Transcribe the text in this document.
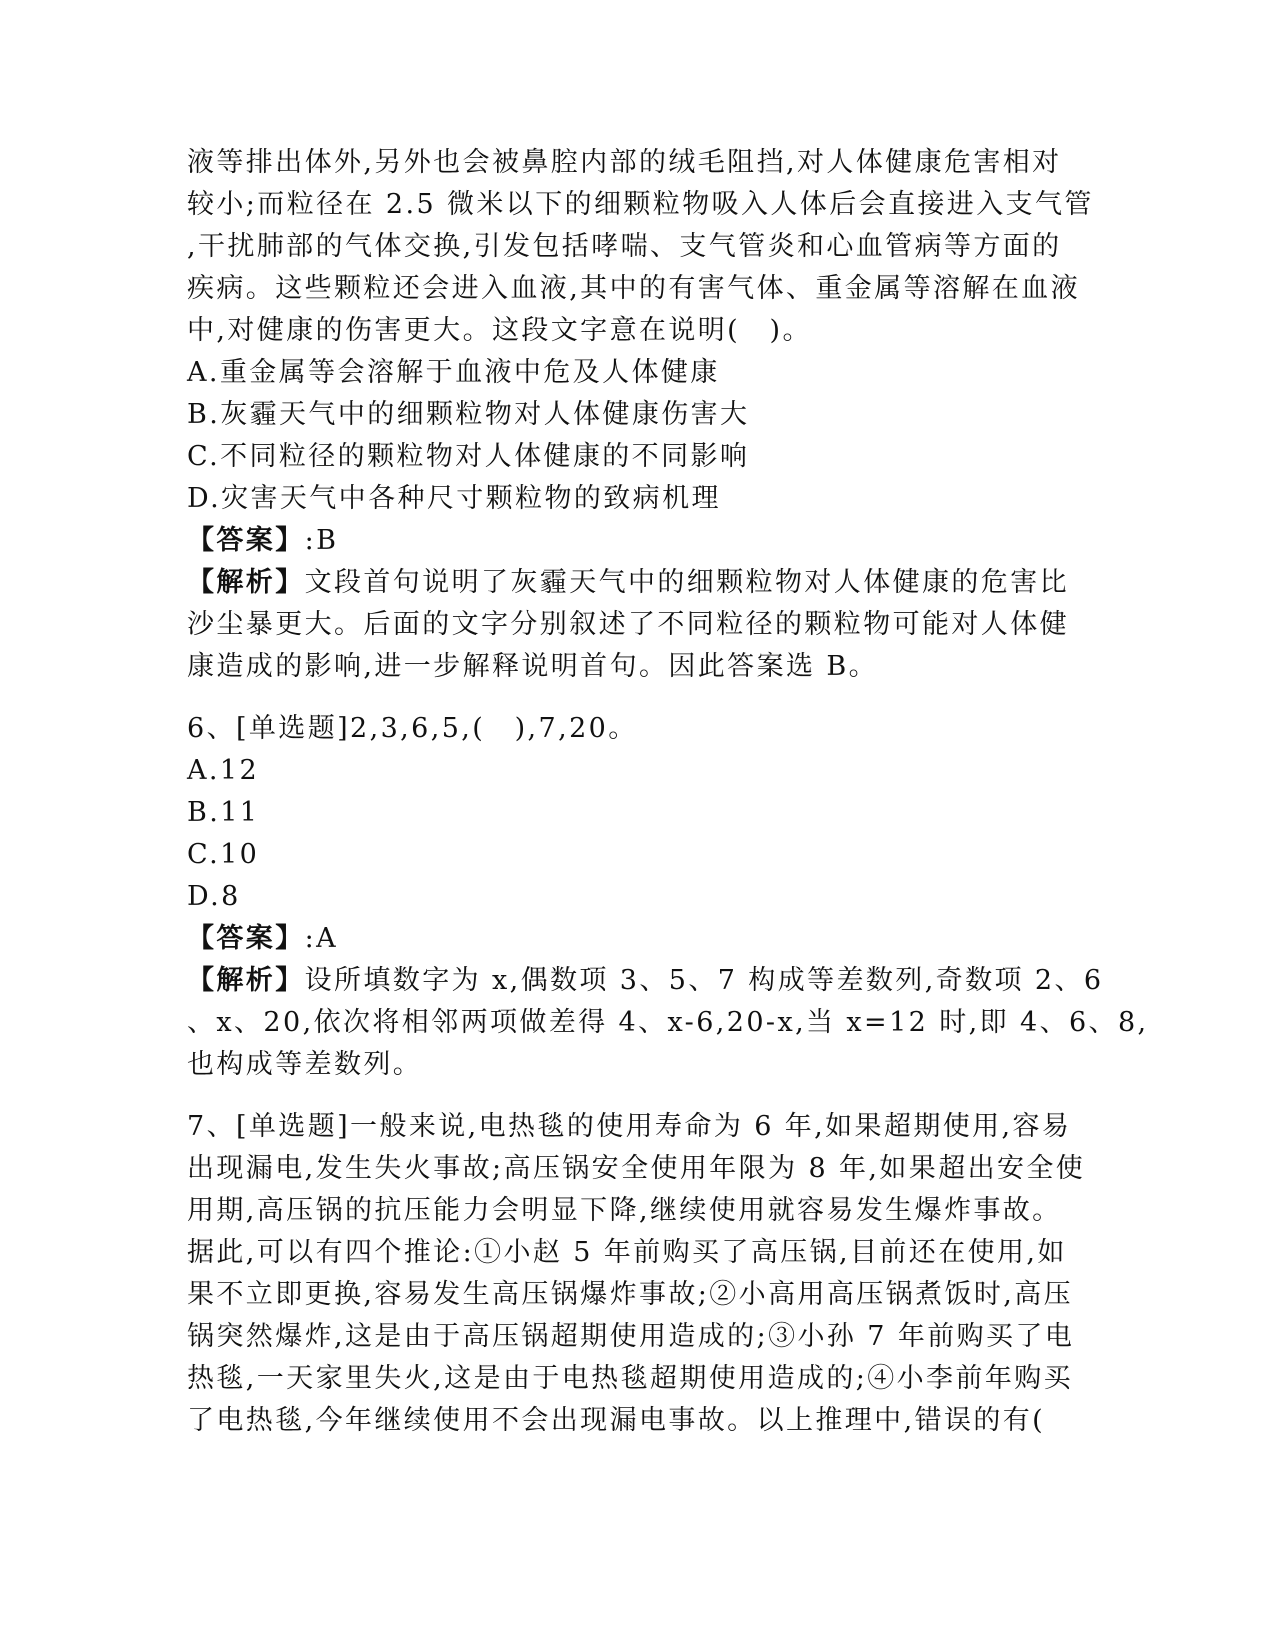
液等排出体外,另外也会被鼻腔内部的绒毛阻挡,对人体健康危害相对
较小;而粒径在 2.5 微米以下的细颗粒物吸入人体后会直接进入支气管
,干扰肺部的气体交换,引发包括哮喘、支气管炎和心血管病等方面的
疾病。这些颗粒还会进入血液,其中的有害气体、重金属等溶解在血液
中,对健康的伤害更大。这段文字意在说明(　)。
A.重金属等会溶解于血液中危及人体健康
B.灰霾天气中的细颗粒物对人体健康伤害大
C.不同粒径的颗粒物对人体健康的不同影响
D.灾害天气中各种尺寸颗粒物的致病机理
【答案】:B
【解析】文段首句说明了灰霾天气中的细颗粒物对人体健康的危害比
沙尘暴更大。后面的文字分别叙述了不同粒径的颗粒物可能对人体健
康造成的影响,进一步解释说明首句。因此答案选 B。
6、[单选题]2,3,6,5,(　),7,20。
A.12
B.11
C.10
D.8
【答案】:A
【解析】设所填数字为 x,偶数项 3、5、7 构成等差数列,奇数项 2、6
、x、20,依次将相邻两项做差得 4、x-6,20-x,当 x=12 时,即 4、6、8,
也构成等差数列。
7、[单选题]一般来说,电热毯的使用寿命为 6 年,如果超期使用,容易
出现漏电,发生失火事故;高压锅安全使用年限为 8 年,如果超出安全使
用期,高压锅的抗压能力会明显下降,继续使用就容易发生爆炸事故。
据此,可以有四个推论:①小赵 5 年前购买了高压锅,目前还在使用,如
果不立即更换,容易发生高压锅爆炸事故;②小高用高压锅煮饭时,高压
锅突然爆炸,这是由于高压锅超期使用造成的;③小孙 7 年前购买了电
热毯,一天家里失火,这是由于电热毯超期使用造成的;④小李前年购买
了电热毯,今年继续使用不会出现漏电事故。以上推理中,错误的有(
